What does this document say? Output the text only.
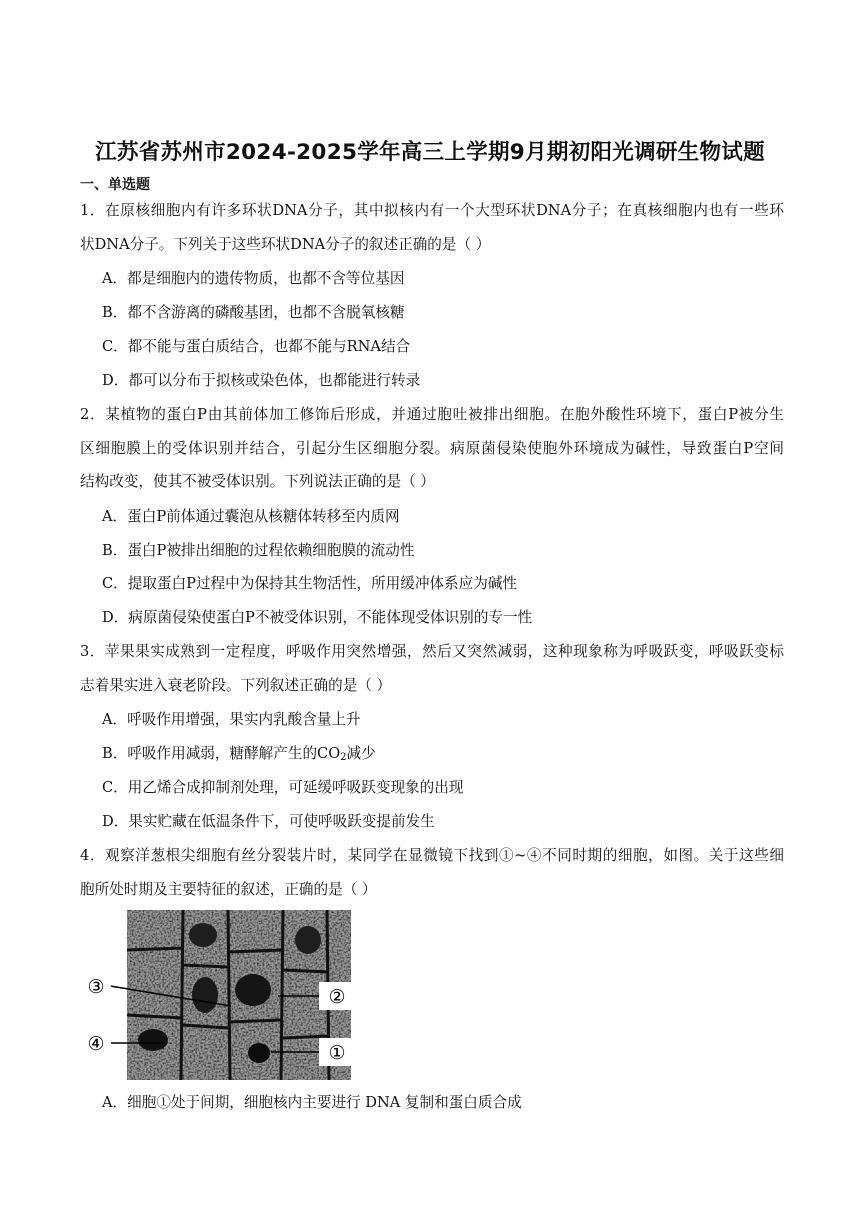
江苏省苏州市2024-2025学年高三上学期9月期初阳光调研生物试题
一、单选题
1．在原核细胞内有许多环状DNA分子，其中拟核内有一个大型环状DNA分子；在真核细胞内也有一些环
状DNA分子。下列关于这些环状DNA分子的叙述正确的是（ ）
A．都是细胞内的遗传物质，也都不含等位基因
B．都不含游离的磷酸基团，也都不含脱氧核糖
C．都不能与蛋白质结合，也都不能与RNA结合
D．都可以分布于拟核或染色体，也都能进行转录
2．某植物的蛋白P由其前体加工修饰后形成，并通过胞吐被排出细胞。在胞外酸性环境下，蛋白P被分生
区细胞膜上的受体识别并结合，引起分生区细胞分裂。病原菌侵染使胞外环境成为碱性，导致蛋白P空间
结构改变，使其不被受体识别。下列说法正确的是（ ）
A．蛋白P前体通过囊泡从核糖体转移至内质网
B．蛋白P被排出细胞的过程依赖细胞膜的流动性
C．提取蛋白P过程中为保持其生物活性，所用缓冲体系应为碱性
D．病原菌侵染使蛋白P不被受体识别，不能体现受体识别的专一性
3．苹果果实成熟到一定程度，呼吸作用突然增强，然后又突然减弱，这种现象称为呼吸跃变，呼吸跃变标
志着果实进入衰老阶段。下列叙述正确的是（ ）
A．呼吸作用增强，果实内乳酸含量上升
B．呼吸作用减弱，糖酵解产生的$CO_2$减少
C．用乙烯合成抑制剂处理，可延缓呼吸跃变现象的出现
D．果实贮藏在低温条件下，可使呼吸跃变提前发生
4．观察洋葱根尖细胞有丝分裂装片时，某同学在显微镜下找到①~④不同时期的细胞，如图。关于这些细
胞所处时期及主要特征的叙述，正确的是（ ）
③
④
②
①
A．细胞①处于间期，细胞核内主要进行 DNA 复制和蛋白质合成
